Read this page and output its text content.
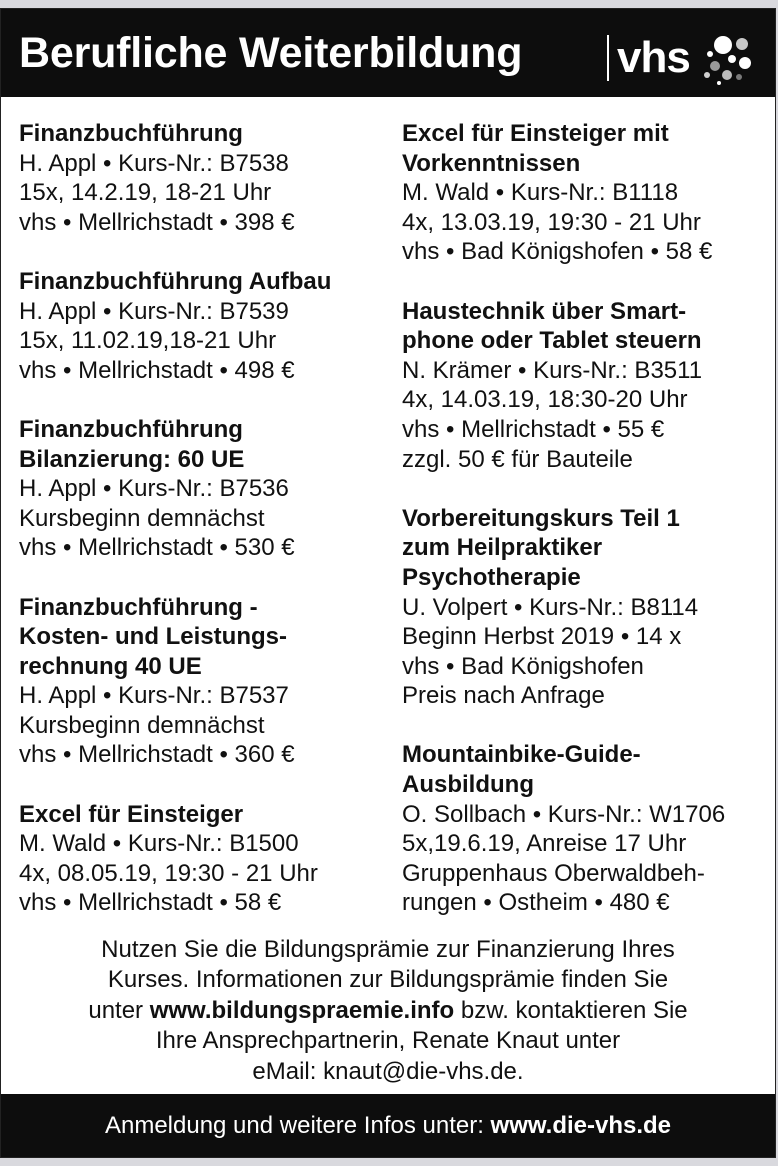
Berufliche Weiterbildung vhs
Finanzbuchführung
H. Appl • Kurs-Nr.: B7538
15x, 14.2.19, 18-21 Uhr
vhs • Mellrichstadt • 398 €
Finanzbuchführung Aufbau
H. Appl • Kurs-Nr.: B7539
15x, 11.02.19,18-21 Uhr
vhs • Mellrichstadt • 498 €
Finanzbuchführung
Bilanzierung: 60 UE
H. Appl • Kurs-Nr.: B7536
Kursbeginn demnächst
vhs • Mellrichstadt • 530 €
Finanzbuchführung -
Kosten- und Leistungs-
rechnung 40 UE
H. Appl • Kurs-Nr.: B7537
Kursbeginn demnächst
vhs • Mellrichstadt • 360 €
Excel für Einsteiger
M. Wald • Kurs-Nr.: B1500
4x, 08.05.19, 19:30 - 21 Uhr
vhs • Mellrichstadt • 58 €
Excel für Einsteiger mit
Vorkenntnissen
M. Wald • Kurs-Nr.: B1118
4x, 13.03.19, 19:30 - 21 Uhr
vhs • Bad Königshofen • 58 €
Haustechnik über Smart-
phone oder Tablet steuern
N. Krämer • Kurs-Nr.: B3511
4x, 14.03.19, 18:30-20 Uhr
vhs • Mellrichstadt • 55 €
zzgl. 50 € für Bauteile
Vorbereitungskurs Teil 1
zum Heilpraktiker
Psychotherapie
U. Volpert • Kurs-Nr.: B8114
Beginn Herbst 2019 • 14 x
vhs • Bad Königshofen
Preis nach Anfrage
Mountainbike-Guide-
Ausbildung
O. Sollbach • Kurs-Nr.: W1706
5x,19.6.19, Anreise 17 Uhr
Gruppenhaus Oberwaldbeh-
rungen • Ostheim • 480 €
Nutzen Sie die Bildungsprämie zur Finanzierung Ihres
Kurses. Informationen zur Bildungsprämie finden Sie
unter www.bildungspraemie.info bzw. kontaktieren Sie
Ihre Ansprechpartnerin, Renate Knaut unter
eMail: knaut@die-vhs.de.
Anmeldung und weitere Infos unter: www.die-vhs.de
